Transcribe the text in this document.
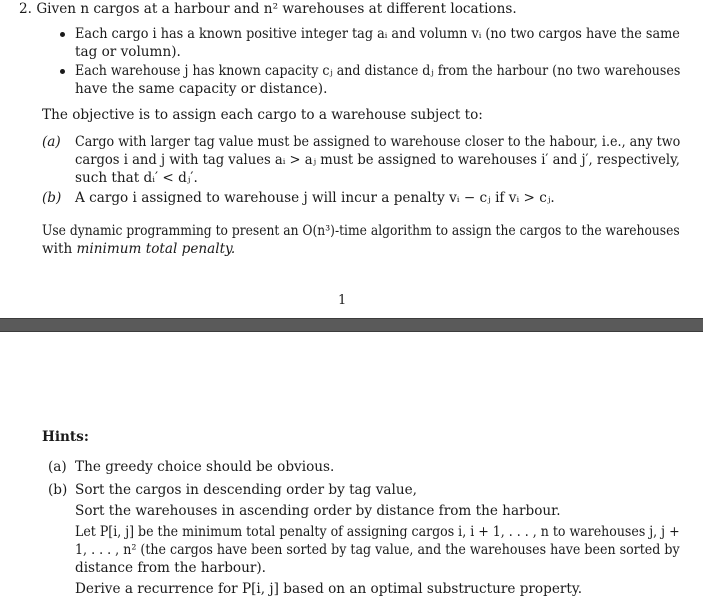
2. Given n cargos at a harbour and n² warehouses at different locations.
Each cargo i has a known positive integer tag aᵢ and volumn vᵢ (no two cargos have the same
tag or volumn).
Each warehouse j has known capacity cⱼ and distance dⱼ from the harbour (no two warehouses
have the same capacity or distance).
The objective is to assign each cargo to a warehouse subject to:
(a) Cargo with larger tag value must be assigned to warehouse closer to the habour, i.e., any two
cargos i and j with tag values aᵢ > aⱼ must be assigned to warehouses i′ and j′, respectively,
such that dᵢ′ < dⱼ′.
(b) A cargo i assigned to warehouse j will incur a penalty vᵢ − cⱼ if vᵢ > cⱼ.
Use dynamic programming to present an O(n³)-time algorithm to assign the cargos to the warehouses
with minimum total penalty.
1
Hints:
(a) The greedy choice should be obvious.
(b) Sort the cargos in descending order by tag value,
Sort the warehouses in ascending order by distance from the harbour.
Let P[i, j] be the minimum total penalty of assigning cargos i, i + 1, . . . , n to warehouses j, j +
1, . . . , n² (the cargos have been sorted by tag value, and the warehouses have been sorted by
distance from the harbour).
Derive a recurrence for P[i, j] based on an optimal substructure property.
